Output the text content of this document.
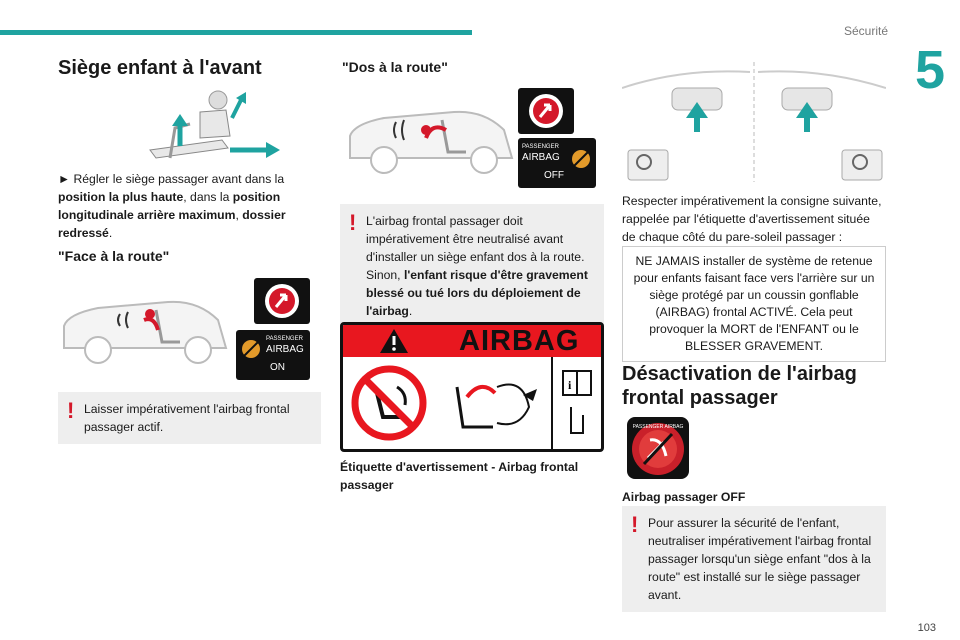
Sécurité
5
Siège enfant à l'avant

► Régler le siège passager avant dans la position la plus haute, dans la position longitudinale arrière maximum, dossier redressé.

"Face à la route"
PASSENGER
AIRBAG
ON
! Laisser impérativement l'airbag frontal passager actif.
"Dos à la route"
PASSENGER
AIRBAG
OFF
! L'airbag frontal passager doit impérativement être neutralisé avant d'installer un siège enfant dos à la route. Sinon, l'enfant risque d'être gravement blessé ou tué lors du déploiement de l'airbag.
AIRBAG
i

Étiquette d'avertissement - Airbag frontal passager

Respecter impérativement la consigne suivante, rappelée par l'étiquette d'avertissement située de chaque côté du pare-soleil passager :

NE JAMAIS installer de système de retenue pour enfants faisant face vers l'arrière sur un siège protégé par un coussin gonflable (AIRBAG) frontal ACTIVÉ. Cela peut provoquer la MORT de l'ENFANT ou le BLESSER GRAVEMENT.
Désactivation de l'airbag frontal passager
PASSENGER AIRBAG

Airbag passager OFF

! Pour assurer la sécurité de l'enfant, neutraliser impérativement l'airbag frontal passager lorsqu'un siège enfant "dos à la route" est installé sur le siège passager avant.
103
